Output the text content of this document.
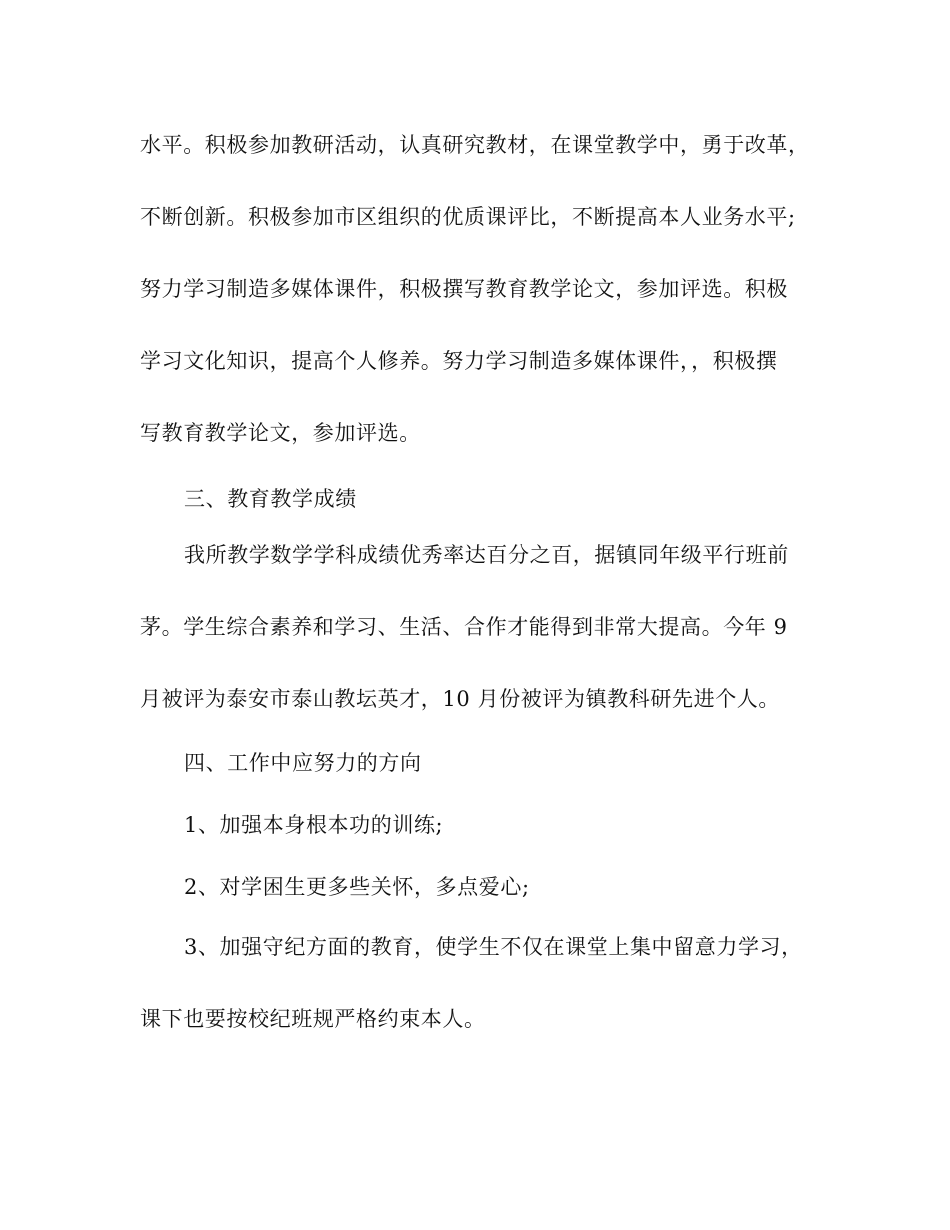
水平。积极参加教研活动，认真研究教材，在课堂教学中，勇于改革，
不断创新。积极参加市区组织的优质课评比，不断提高本人业务水平;
努力学习制造多媒体课件，积极撰写教育教学论文，参加评选。积极
学习文化知识，提高个人修养。努力学习制造多媒体课件，，积极撰
写教育教学论文，参加评选。
三、教育教学成绩
我所教学数学学科成绩优秀率达百分之百，据镇同年级平行班前
茅。学生综合素养和学习、生活、合作才能得到非常大提高。今年 9
月被评为泰安市泰山教坛英才，10 月份被评为镇教科研先进个人。
四、工作中应努力的方向
1、加强本身根本功的训练;
2、对学困生更多些关怀，多点爱心;
3、加强守纪方面的教育，使学生不仅在课堂上集中留意力学习，
课下也要按校纪班规严格约束本人。
